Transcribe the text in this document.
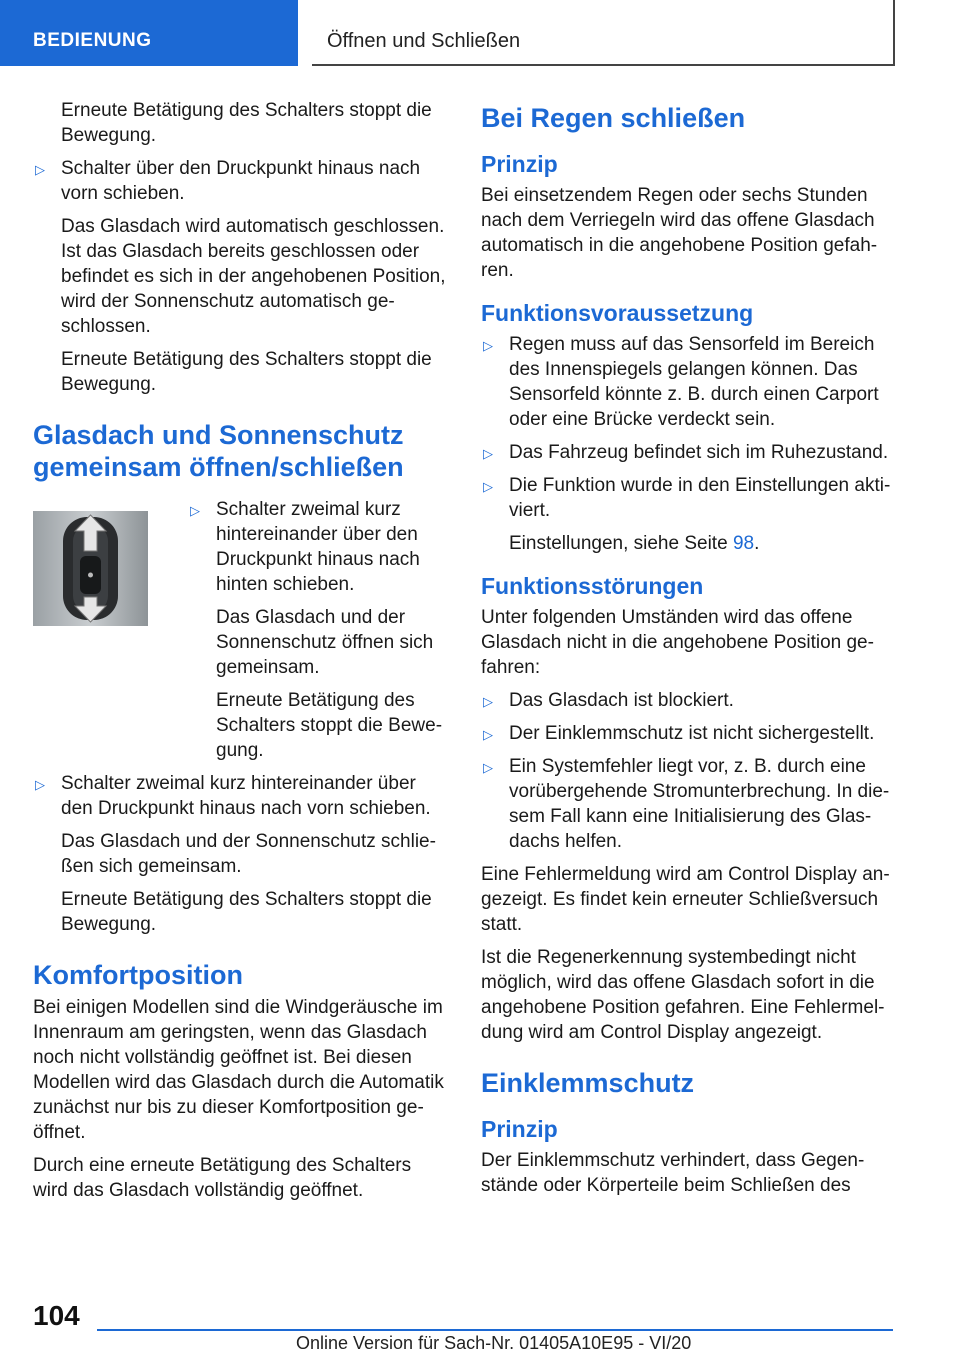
BEDIENUNG	Öffnen und Schließen

Erneute Betätigung des Schalters stoppt die Bewegung.

▷ Schalter über den Druckpunkt hinaus nach vorn schieben.

Das Glasdach wird automatisch geschlossen. Ist das Glasdach bereits geschlossen oder befindet es sich in der angehobenen Position, wird der Sonnenschutz automatisch geschlossen.

Erneute Betätigung des Schalters stoppt die Bewegung.

Glasdach und Sonnenschutz gemeinsam öffnen/schließen
▷ Schalter zweimal kurz hintereinander über den Druckpunkt hinaus nach hinten schieben.

Das Glasdach und der Sonnenschutz öffnen sich gemeinsam.

Erneute Betätigung des Schalters stoppt die Bewegung.

▷ Schalter zweimal kurz hintereinander über den Druckpunkt hinaus nach vorn schieben.

Das Glasdach und der Sonnenschutz schließen sich gemeinsam.

Erneute Betätigung des Schalters stoppt die Bewegung.

Komfortposition

Bei einigen Modellen sind die Windgeräusche im Innenraum am geringsten, wenn das Glasdach noch nicht vollständig geöffnet ist. Bei diesen Modellen wird das Glasdach durch die Automatik zunächst nur bis zu dieser Komfortposition geöffnet.

Durch eine erneute Betätigung des Schalters wird das Glasdach vollständig geöffnet.

Bei Regen schließen
Prinzip

Bei einsetzendem Regen oder sechs Stunden nach dem Verriegeln wird das offene Glasdach automatisch in die angehobene Position gefahren.

Funktionsvoraussetzung
▷ Regen muss auf das Sensorfeld im Bereich des Innenspiegels gelangen können. Das Sensorfeld könnte z. B. durch einen Carport oder eine Brücke verdeckt sein.
▷ Das Fahrzeug befindet sich im Ruhezustand.
▷ Die Funktion wurde in den Einstellungen aktiviert.

Einstellungen, siehe Seite 98.

Funktionsstörungen

Unter folgenden Umständen wird das offene Glasdach nicht in die angehobene Position gefahren:

▷ Das Glasdach ist blockiert.
▷ Der Einklemmschutz ist nicht sichergestellt.
▷ Ein Systemfehler liegt vor, z. B. durch eine vorübergehende Stromunterbrechung. In diesem Fall kann eine Initialisierung des Glasdachs helfen.

Eine Fehlermeldung wird am Control Display angezeigt. Es findet kein erneuter Schließversuch statt.

Ist die Regenerkennung systembedingt nicht möglich, wird das offene Glasdach sofort in die angehobene Position gefahren. Eine Fehlermeldung wird am Control Display angezeigt.

Einklemmschutz
Prinzip

Der Einklemmschutz verhindert, dass Gegenstände oder Körperteile beim Schließen des

104
Online Version für Sach-Nr. 01405A10E95 - VI/20
